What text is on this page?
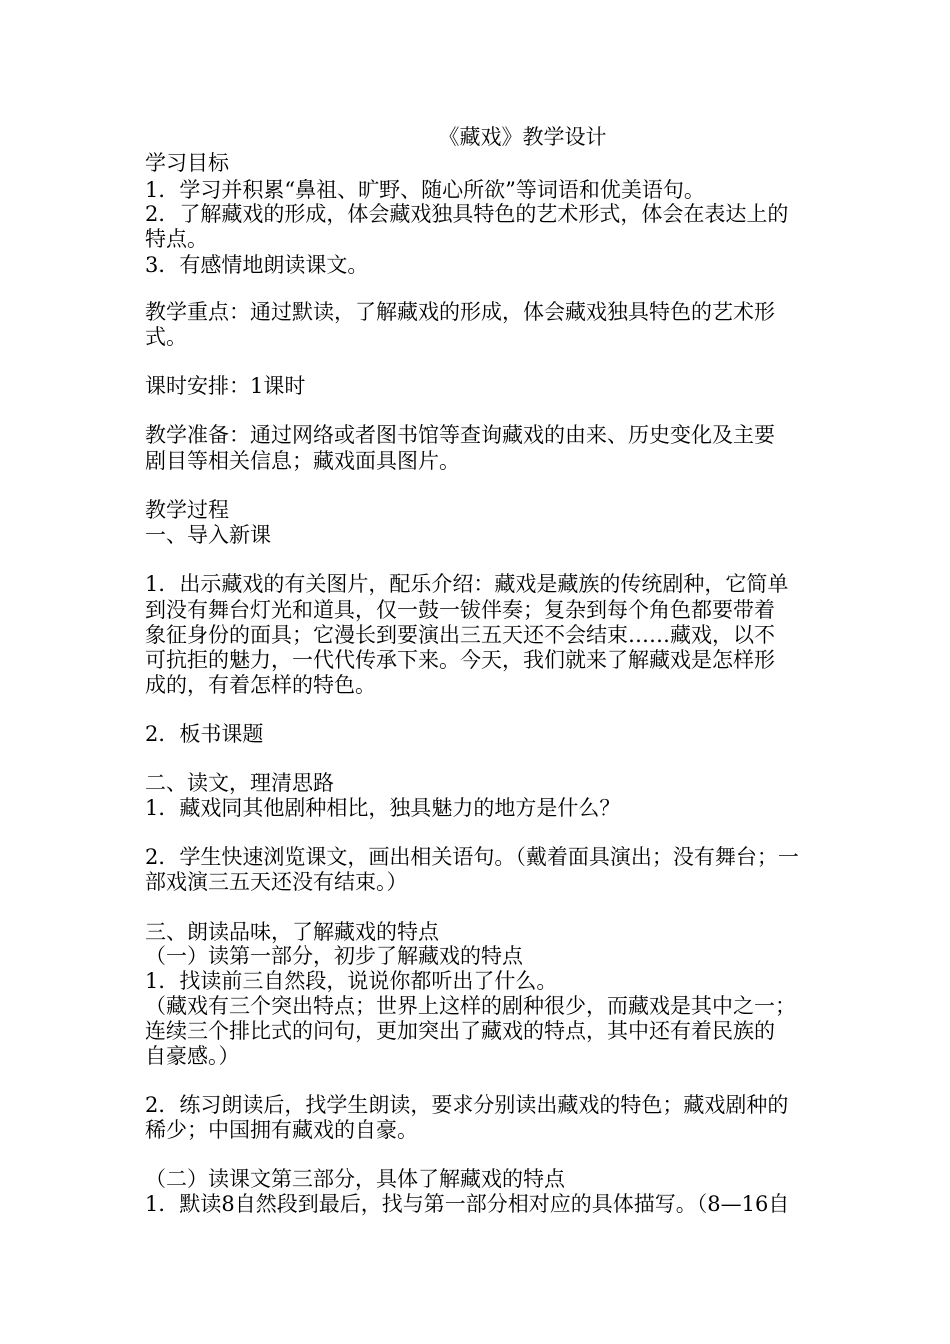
《藏戏》教学设计
学习目标
1．学习并积累“鼻祖、旷野、随心所欲”等词语和优美语句。
2．了解藏戏的形成，体会藏戏独具特色的艺术形式，体会在表达上的
特点。
3．有感情地朗读课文。
教学重点：通过默读，了解藏戏的形成，体会藏戏独具特色的艺术形
式。
课时安排：1课时
教学准备：通过网络或者图书馆等查询藏戏的由来、历史变化及主要
剧目等相关信息；藏戏面具图片。
教学过程
一、导入新课
1．出示藏戏的有关图片，配乐介绍：藏戏是藏族的传统剧种，它简单
到没有舞台灯光和道具，仅一鼓一钹伴奏；复杂到每个角色都要带着
象征身份的面具；它漫长到要演出三五天还不会结束……藏戏，以不
可抗拒的魅力，一代代传承下来。今天，我们就来了解藏戏是怎样形
成的，有着怎样的特色。
2．板书课题
二、读文，理清思路
1．藏戏同其他剧种相比，独具魅力的地方是什么？
2．学生快速浏览课文，画出相关语句。（戴着面具演出；没有舞台；一
部戏演三五天还没有结束。）
三、朗读品味，了解藏戏的特点
（一）读第一部分，初步了解藏戏的特点
1．找读前三自然段，说说你都听出了什么。
（藏戏有三个突出特点；世界上这样的剧种很少，而藏戏是其中之一；
连续三个排比式的问句，更加突出了藏戏的特点，其中还有着民族的
自豪感。）
2．练习朗读后，找学生朗读，要求分别读出藏戏的特色；藏戏剧种的
稀少；中国拥有藏戏的自豪。
（二）读课文第三部分，具体了解藏戏的特点
1．默读8自然段到最后，找与第一部分相对应的具体描写。（8—16自
